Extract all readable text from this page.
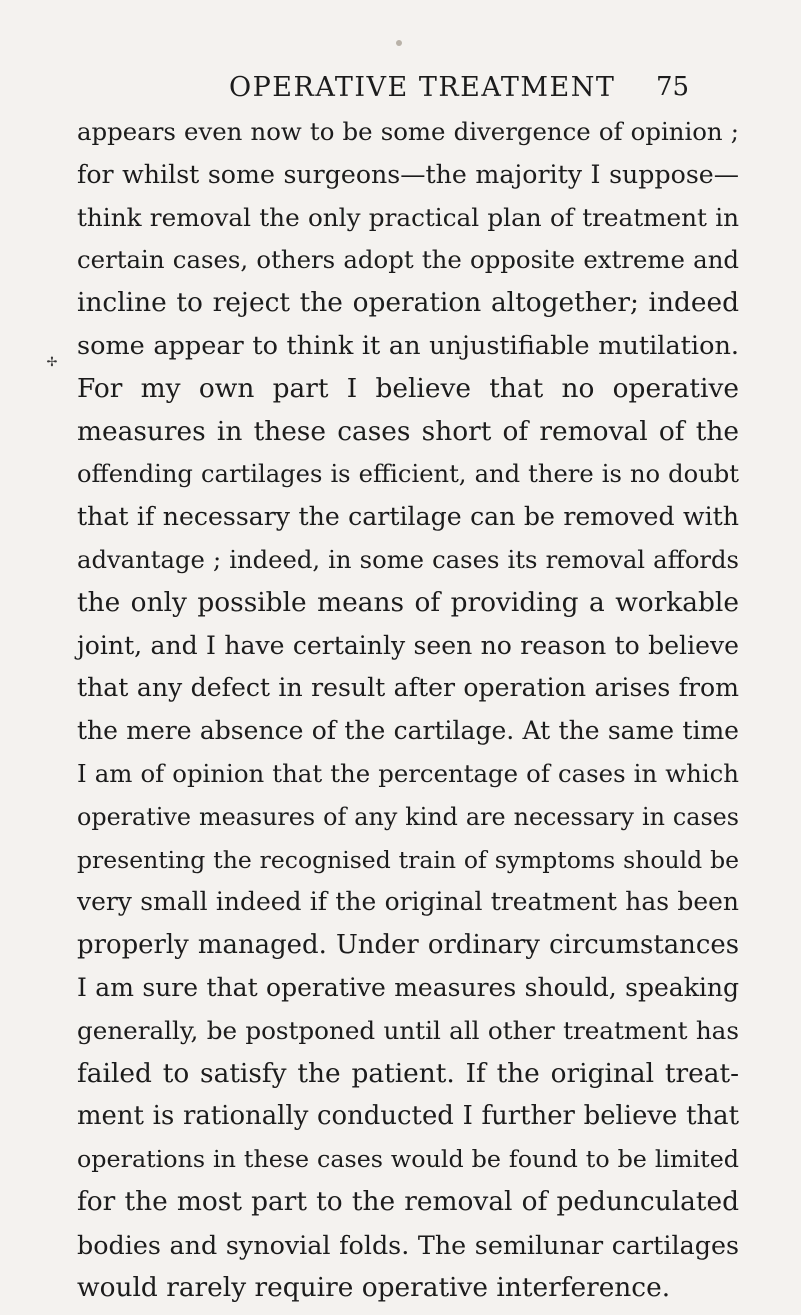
OPERATIVE TREATMENT 75
✢
appears even now to be some divergence of opinion ;
for whilst some surgeons—the majority I suppose—
think removal the only practical plan of treatment in
certain cases, others adopt the opposite extreme and
incline to reject the operation altogether; indeed
some appear to think it an unjustifiable mutilation.
For my own part I believe that no operative
measures in these cases short of removal of the
offending cartilages is efficient, and there is no doubt
that if necessary the cartilage can be removed with
advantage ; indeed, in some cases its removal affords
the only possible means of providing a workable
joint, and I have certainly seen no reason to believe
that any defect in result after operation arises from
the mere absence of the cartilage. At the same time
I am of opinion that the percentage of cases in which
operative measures of any kind are necessary in cases
presenting the recognised train of symptoms should be
very small indeed if the original treatment has been
properly managed. Under ordinary circumstances
I am sure that operative measures should, speaking
generally, be postponed until all other treatment has
failed to satisfy the patient. If the original treat-
ment is rationally conducted I further believe that
operations in these cases would be found to be limited
for the most part to the removal of pedunculated
bodies and synovial folds. The semilunar cartilages
would rarely require operative interference.
